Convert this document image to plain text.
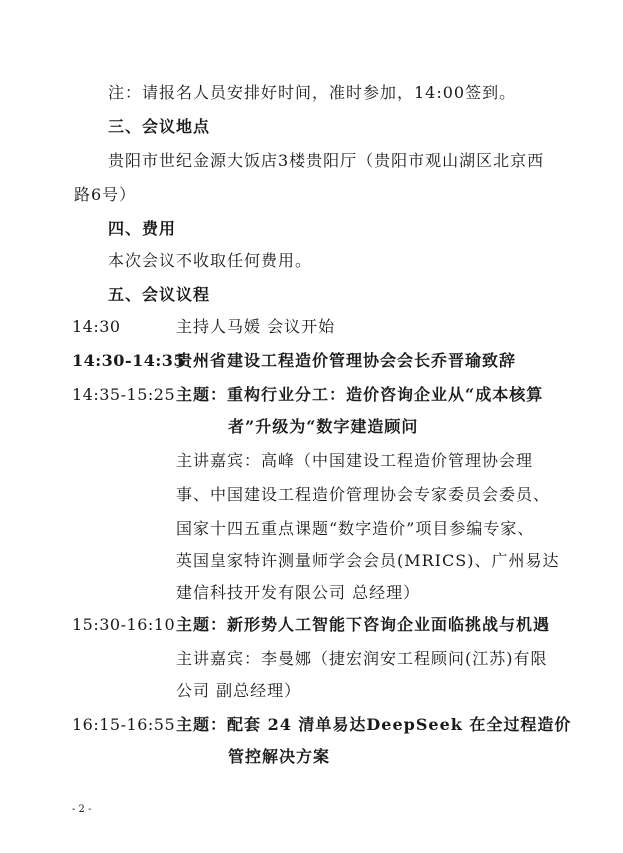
注：请报名人员安排好时间，准时参加，14:00签到。
三、会议地点
贵阳市世纪金源大饭店3楼贵阳厅（贵阳市观山湖区北京西
路6号）
四、费用
本次会议不收取任何费用。
五、会议议程
14:30	主持人马媛 会议开始
14:30-14:35
贵州省建设工程造价管理协会会长乔晋瑜致辞
14:35-15:25 主题：重构行业分工：造价咨询企业从“成本核算
者”升级为“数字建造顾问
主讲嘉宾：高峰（中国建设工程造价管理协会理
事、中国建设工程造价管理协会专家委员会委员、
国家十四五重点课题“数字造价”项目参编专家、
英国皇家特许测量师学会会员(MRICS)、广州易达
建信科技开发有限公司 总经理）
15:30-16:10 主题：新形势人工智能下咨询企业面临挑战与机遇
主讲嘉宾：李曼娜（捷宏润安工程顾问(江苏)有限
公司 副总经理）
16:15-16:55 主题：配套 24 清单易达DeepSeek 在全过程造价
管控解决方案
- 2 -
